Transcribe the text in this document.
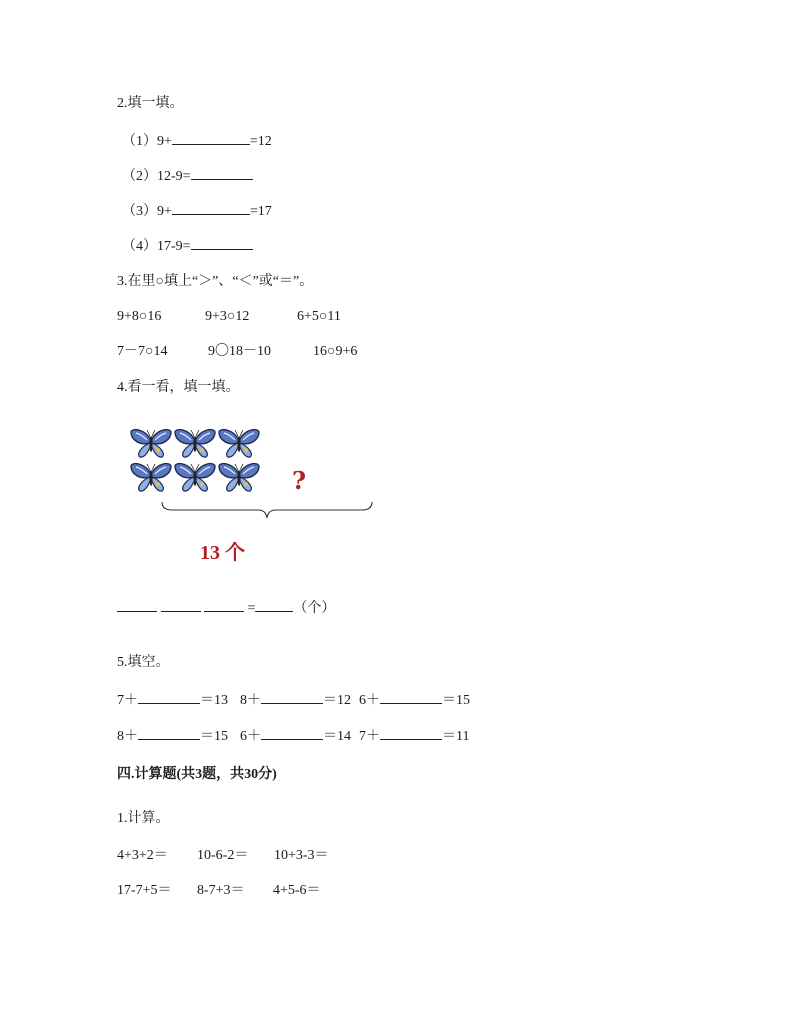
2.填一填。
（1）9+	=12
（2）12-9=
（3）9+	=17
（4）17-9=
3.在里○填上“＞”、“＜”或“＝”。
9+8○16	9+3○12	6+5○11
7－7○14	9〇18－10	16○9+6
4.看一看，填一填。
?
13 个
=	（个）
5.填空。
7＋	＝13 8＋	＝12 6＋	＝15
8＋	＝15 6＋	＝14 7＋	＝11
四.计算题(共3题，共30分)
1.计算。
4+3+2＝ 10-6-2＝ 10+3-3＝
17-7+5＝ 8-7+3＝ 4+5-6＝
